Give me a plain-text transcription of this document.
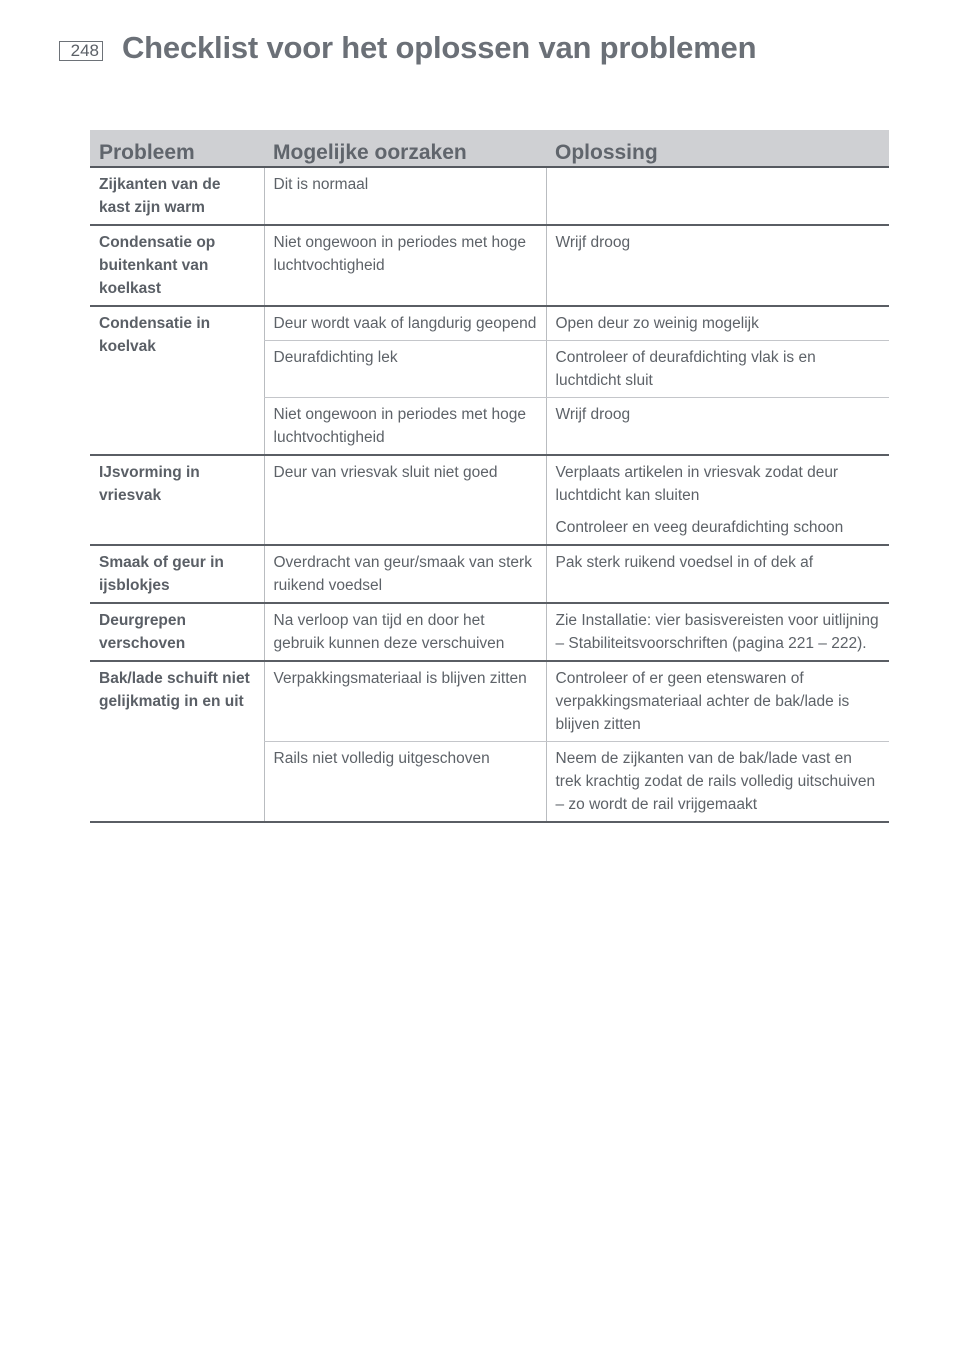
248 Checklist voor het oplossen van problemen
Probleem	Mogelijke oorzaken	Oplossing
Zijkanten van de kast zijn warm	Dit is normaal	

Condensatie op buitenkant van koelkast	Niet ongewoon in periodes met hoge luchtvochtigheid	Wrijf droog

Condensatie in koelvak	Deur wordt vaak of langdurig geopend	Open deur zo weinig mogelijk

	Deurafdichting lek	Controleer of deurafdichting vlak is en luchtdicht sluit

	Niet ongewoon in periodes met hoge luchtvochtigheid	Wrijf droog

IJsvorming in vriesvak	Deur van vriesvak sluit niet goed	Verplaats artikelen in vriesvak zodat deur luchtdicht kan sluiten
Controleer en veeg deurafdichting schoon

Smaak of geur in ijsblokjes	Overdracht van geur/smaak van sterk ruikend voedsel	Pak sterk ruikend voedsel in of dek af

Deurgrepen verschoven	Na verloop van tijd en door het gebruik kunnen deze verschuiven	Zie Installatie: vier basisvereisten voor uitlijning – Stabiliteitsvoorschriften (pagina 221 – 222).

Bak/lade schuift niet gelijkmatig in en uit	Verpakkingsmateriaal is blijven zitten	Controleer of er geen etenswaren of verpakkingsmateriaal achter de bak/lade is blijven zitten

	Rails niet volledig uitgeschoven	Neem de zijkanten van de bak/lade vast en trek krachtig zodat de rails volledig uitschuiven – zo wordt de rail vrijgemaakt
